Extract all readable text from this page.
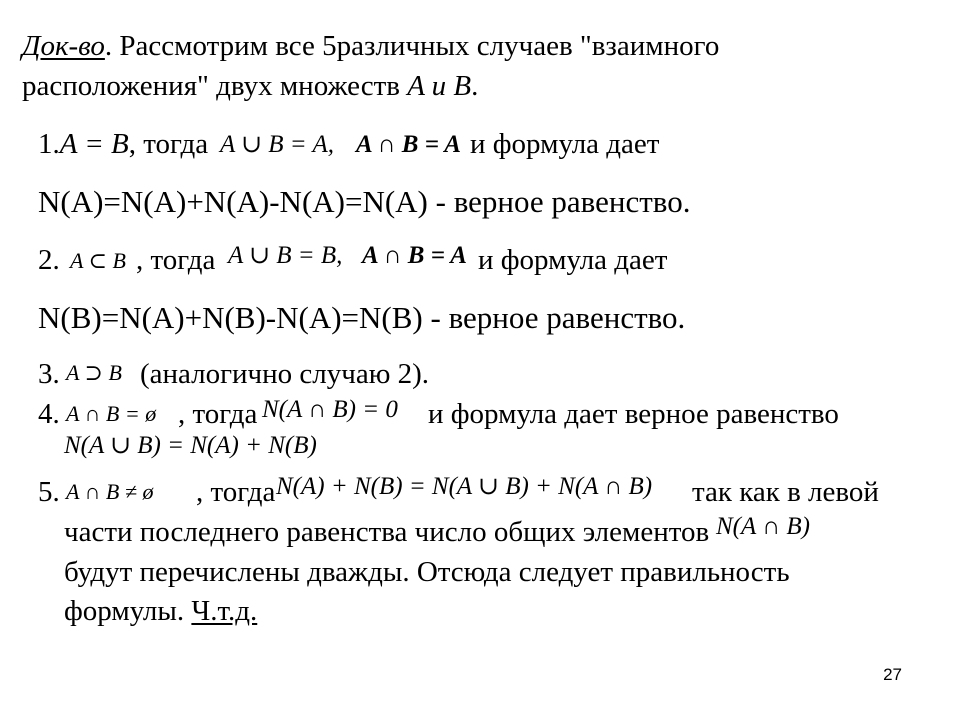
Док-во. Рассмотрим все 5различных случаев "взаимного
расположения" двух множеств A и B.
1.A = B, тогда A ∪ B = A, A ∩ B = A и формула дает
N(A)=N(A)+N(A)-N(A)=N(A) - верное равенство.
2. A ⊂ B , тогда A ∪ B = B, A ∩ B = A и формула дает
N(B)=N(A)+N(B)-N(A)=N(B) - верное равенство.
3. A ⊃ B (аналогично случаю 2).
4. A ∩ B = ø , тогда N(A ∩ B) = 0 и формула дает верное равенство
N(A ∪ B) = N(A) + N(B)
5. A ∩ B ≠ ø , тогда N(A) + N(B) = N(A ∪ B) + N(A ∩ B) так как в левой
части последнего равенства число общих элементов N(A ∩ B)
будут перечислены дважды. Отсюда следует правильность
формулы. Ч.т.д.
27
